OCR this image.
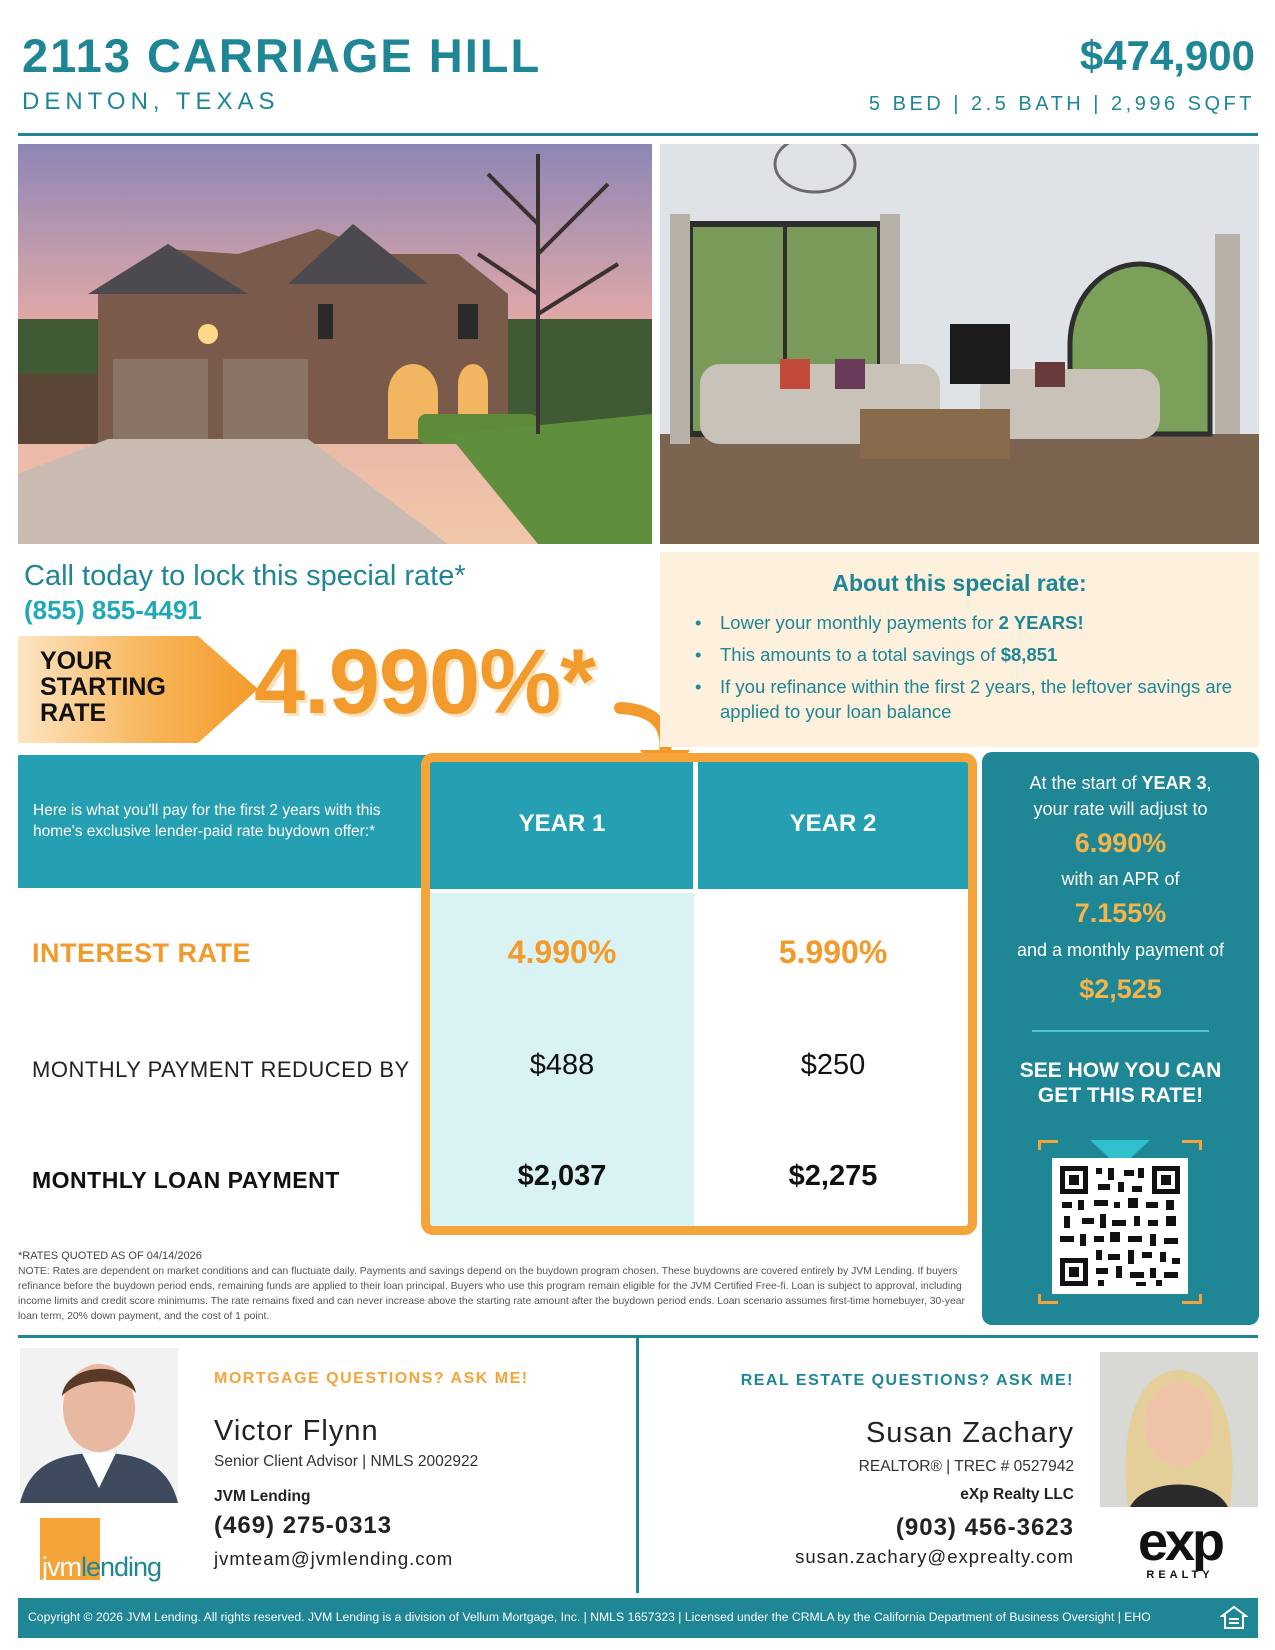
2113 CARRIAGE HILL
DENTON, TEXAS
$474,900
5 BED | 2.5 BATH | 2,996 SQFT
Call today to lock this special rate*
(855) 855-4491
YOUR STARTING RATE	4.990%*
About this special rate:
• Lower your monthly payments for 2 YEARS!
• This amounts to a total savings of $8,851
• If you refinance within the first 2 years, the leftover savings are applied to your loan balance
Here is what you'll pay for the first 2 years with this home's exclusive lender-paid rate buydown offer:*	YEAR 1	YEAR 2
INTEREST RATE	4.990%	5.990%
MONTHLY PAYMENT REDUCED BY	$488	$250
MONTHLY LOAN PAYMENT	$2,037	$2,275
At the start of YEAR 3,
your rate will adjust to
6.990%
with an APR of
7.155%
and a monthly payment of
$2,525
SEE HOW YOU CAN GET THIS RATE!
*RATES QUOTED AS OF 04/14/2026
NOTE: Rates are dependent on market conditions and can fluctuate daily. Payments and savings depend on the buydown program chosen. These buydowns are covered entirely by JVM Lending. If buyers refinance before the buydown period ends, remaining funds are applied to their loan principal. Buyers who use this program remain eligible for the JVM Certified Free-fi. Loan is subject to approval, including income limits and credit score minimums. The rate remains fixed and can never increase above the starting rate amount after the buydown period ends. Loan scenario assumes first-time homebuyer, 30-year loan term, 20% down payment, and the cost of 1 point.
MORTGAGE QUESTIONS? ASK ME!
Victor Flynn
Senior Client Advisor | NMLS 2002922
JVM Lending
(469) 275-0313
jvmteam@jvmlending.com
jvmlending
REAL ESTATE QUESTIONS? ASK ME!
Susan Zachary
REALTOR® | TREC # 0527942
eXp Realty LLC
(903) 456-3623
susan.zachary@exprealty.com	exp
REALTY
Copyright © 2026 JVM Lending. All rights reserved. JVM Lending is a division of Vellum Mortgage, Inc. | NMLS 1657323 | Licensed under the CRMLA by the California Department of Business Oversight | EHO
